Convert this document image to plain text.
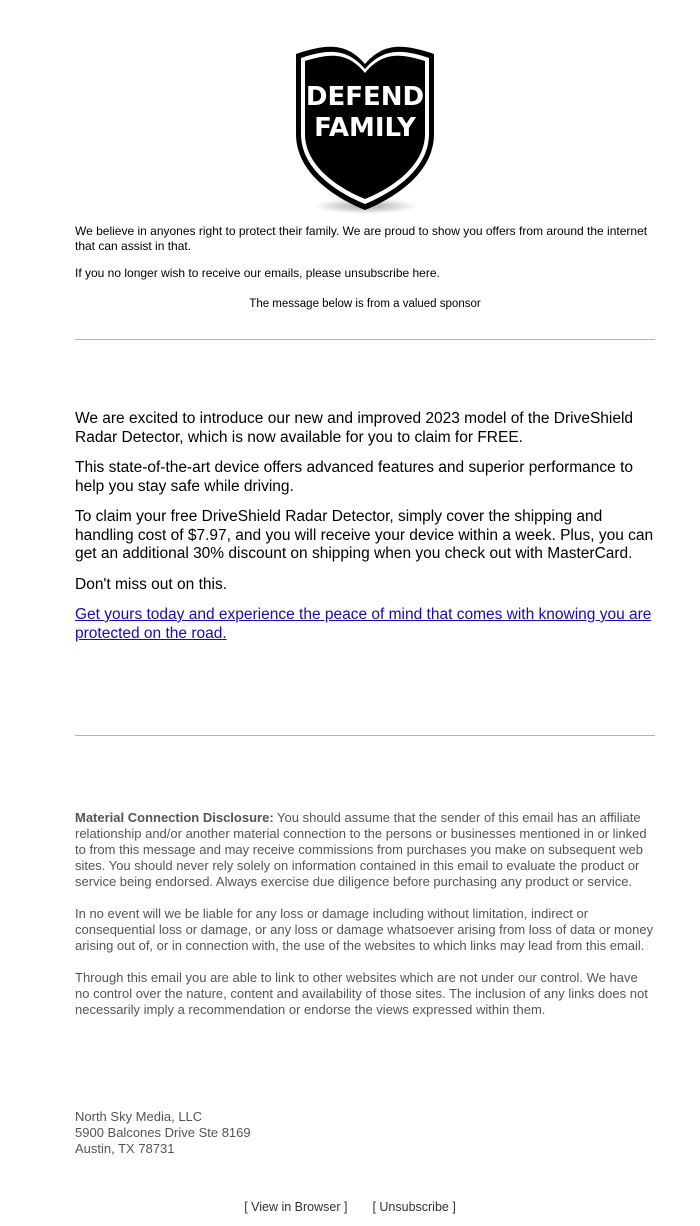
DEFEND
FAMILY

We believe in anyones right to protect their family. We are proud to show you offers from around the internet that can assist in that.

If you no longer wish to receive our emails, please unsubscribe here.

The message below is from a valued sponsor

We are excited to introduce our new and improved 2023 model of the DriveShield Radar Detector, which is now available for you to claim for FREE.

This state-of-the-art device offers advanced features and superior performance to help you stay safe while driving.

To claim your free DriveShield Radar Detector, simply cover the shipping and handling cost of $7.97, and you will receive your device within a week. Plus, you can get an additional 30% discount on shipping when you check out with MasterCard.

Don't miss out on this.

Get yours today and experience the peace of mind that comes with knowing you are protected on the road.

Material Connection Disclosure: You should assume that the sender of this email has an affiliate relationship and/or another material connection to the persons or businesses mentioned in or linked to from this message and may receive commissions from purchases you make on subsequent web sites. You should never rely solely on information contained in this email to evaluate the product or service being endorsed. Always exercise due diligence before purchasing any product or service.

In no event will we be liable for any loss or damage including without limitation, indirect or consequential loss or damage, or any loss or damage whatsoever arising from loss of data or money arising out of, or in connection with, the use of the websites to which links may lead from this email.

Through this email you are able to link to other websites which are not under our control. We have no control over the nature, content and availability of those sites. The inclusion of any links does not necessarily imply a recommendation or endorse the views expressed within them.

North Sky Media, LLC
5900 Balcones Drive Ste 8169
Austin, TX 78731
[ View in Browser ] [ Unsubscribe ]
